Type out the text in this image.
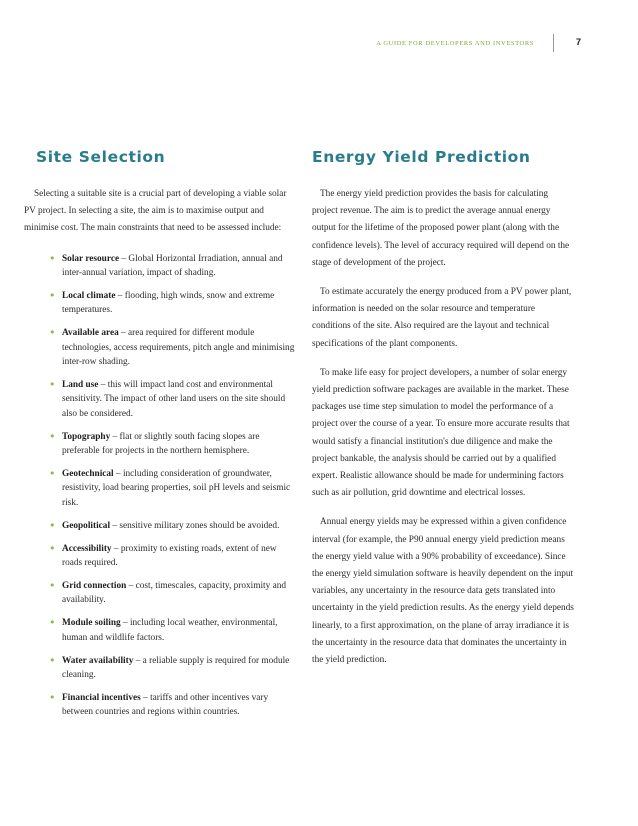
A GUIDE FOR DEVELOPERS AND INVESTORS	7
Site Selection

Selecting a suitable site is a crucial part of developing a viable solar PV project. In selecting a site, the aim is to maximise output and minimise cost. The main constraints that need to be assessed include:

• Solar resource – Global Horizontal Irradiation, annual and inter-annual variation, impact of shading.
• Local climate – flooding, high winds, snow and extreme temperatures.
• Available area – area required for different module technologies, access requirements, pitch angle and minimising inter-row shading.
• Land use – this will impact land cost and environmental sensitivity. The impact of other land users on the site should also be considered.
• Topography – flat or slightly south facing slopes are preferable for projects in the northern hemisphere.
• Geotechnical – including consideration of groundwater, resistivity, load bearing properties, soil pH levels and seismic risk.
• Geopolitical – sensitive military zones should be avoided.
• Accessibility – proximity to existing roads, extent of new roads required.
• Grid connection – cost, timescales, capacity, proximity and availability.
• Module soiling – including local weather, environmental, human and wildlife factors.
• Water availability – a reliable supply is required for module cleaning.
• Financial incentives – tariffs and other incentives vary between countries and regions within countries.
Energy Yield Prediction

The energy yield prediction provides the basis for calculating project revenue. The aim is to predict the average annual energy output for the lifetime of the proposed power plant (along with the confidence levels). The level of accuracy required will depend on the stage of development of the project.

To estimate accurately the energy produced from a PV power plant, information is needed on the solar resource and temperature conditions of the site. Also required are the layout and technical specifications of the plant components.

To make life easy for project developers, a number of solar energy yield prediction software packages are available in the market. These packages use time step simulation to model the performance of a project over the course of a year. To ensure more accurate results that would satisfy a financial institution's due diligence and make the project bankable, the analysis should be carried out by a qualified expert. Realistic allowance should be made for undermining factors such as air pollution, grid downtime and electrical losses.

Annual energy yields may be expressed within a given confidence interval (for example, the P90 annual energy yield prediction means the energy yield value with a 90% probability of exceedance). Since the energy yield simulation software is heavily dependent on the input variables, any uncertainty in the resource data gets translated into uncertainty in the yield prediction results. As the energy yield depends linearly, to a first approximation, on the plane of array irradiance it is the uncertainty in the resource data that dominates the uncertainty in the yield prediction.
